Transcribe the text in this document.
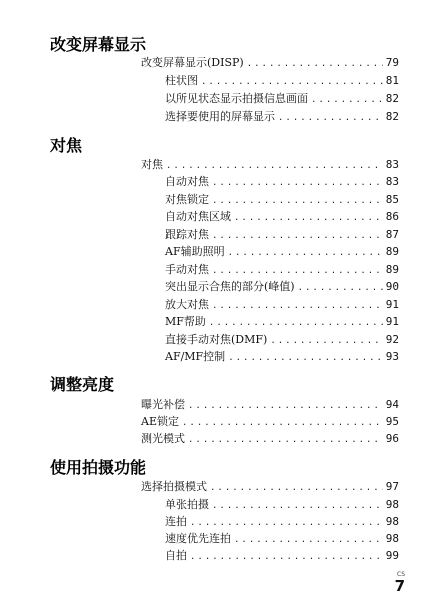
改变屏幕显示
改变屏幕显示(DISP) .....	79
柱状图 .....	81
以所见状态显示拍摄信息画面 .....	82
选择要使用的屏幕显示 .....	82
对焦
对焦 .....	83
自动对焦 .....	83
对焦锁定 .....	85
自动对焦区域 .....	86
跟踪对焦 .....	87
AF辅助照明 .....	89
手动对焦 .....	89
突出显示合焦的部分(峰值) .....	90
放大对焦 .....	91
MF帮助 .....	91
直接手动对焦(DMF) .....	92
AF/MF控制 .....	93
调整亮度
曝光补偿 .....	94
AE锁定 .....	95
测光模式 .....	96
使用拍摄功能
选择拍摄模式 .....	97
单张拍摄 .....	98
连拍 .....	98
速度优先连拍 .....	98
自拍 .....	99
CS
7
